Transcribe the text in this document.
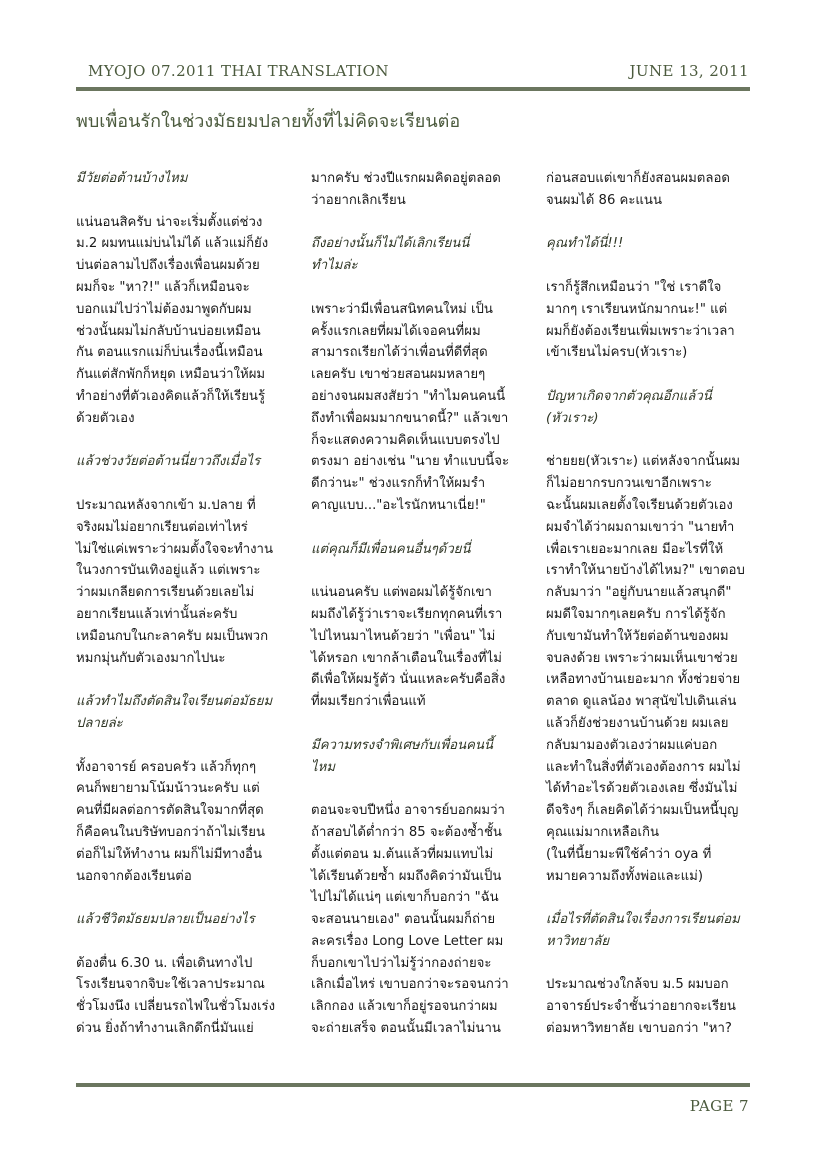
MYOJO 07.2011 THAI TRANSLATION	JUNE 13, 2011
พบเพื่อนรักในช่วงมัธยมปลายทั้งที่ไม่คิดจะเรียนต่อ

มีวัยต่อต้านบ้างไหม

แน่นอนสิครับ น่าจะเริ่มตั้งแต่ช่วง
ม.2 ผมทนแม่บ่นไม่ได้ แล้วแม่ก็ยัง
บ่นต่อลามไปถึงเรื่องเพื่อนผมด้วย
ผมก็จะ "หา?!" แล้วก็เหมือนจะ
บอกแม่ไปว่าไม่ต้องมาพูดกับผม
ช่วงนั้นผมไม่กลับบ้านบ่อยเหมือน
กัน ตอนแรกแม่ก็บ่นเรื่องนี้เหมือน
กันแต่สักพักก็หยุด เหมือนว่าให้ผม
ทำอย่างที่ตัวเองคิดแล้วก็ให้เรียนรู้
ด้วยตัวเอง

แล้วช่วงวัยต่อต้านนี่ยาวถึงเมื่อไร

ประมาณหลังจากเข้า ม.ปลาย ที่
จริงผมไม่อยากเรียนต่อเท่าไหร่
ไม่ใช่แค่เพราะว่าผมตั้งใจจะทำงาน
ในวงการบันเทิงอยู่แล้ว แต่เพราะ
ว่าผมเกลียดการเรียนด้วยเลยไม่
อยากเรียนแล้วเท่านั้นล่ะครับ
เหมือนกบในกะลาครับ ผมเป็นพวก
หมกมุ่นกับตัวเองมากไปนะ

แล้วทำไมถึงตัดสินใจเรียนต่อมัธยม
ปลายล่ะ

ทั้งอาจารย์ ครอบครัว แล้วก็ทุกๆ
คนก็พยายามโน้มน้าวนะครับ แต่
คนที่มีผลต่อการตัดสินใจมากที่สุด
ก็คือคนในบริษัทบอกว่าถ้าไม่เรียน
ต่อก็ไม่ให้ทำงาน ผมก็ไม่มีทางอื่น
นอกจากต้องเรียนต่อ

แล้วชีวิตมัธยมปลายเป็นอย่างไร

ต้องตื่น 6.30 น. เพื่อเดินทางไป
โรงเรียนจากจิบะใช้เวลาประมาณ
ชั่วโมงนึง เปลี่ยนรถไฟในชั่วโมงเร่ง
ด่วน ยิ่งถ้าทำงานเลิกดึกนี่มันแย่

มากครับ ช่วงปีแรกผมคิดอยู่ตลอด
ว่าอยากเลิกเรียน

ถึงอย่างนั้นก็ไม่ได้เลิกเรียนนี่
ทำไมล่ะ

เพราะว่ามีเพื่อนสนิทคนใหม่ เป็น
ครั้งแรกเลยที่ผมได้เจอคนที่ผม
สามารถเรียกได้ว่าเพื่อนที่ดีที่สุด
เลยครับ เขาช่วยสอนผมหลายๆ
อย่างจนผมสงสัยว่า "ทำไมคนคนนี้
ถึงทำเพื่อผมมากขนาดนี้?" แล้วเขา
ก็จะแสดงความคิดเห็นแบบตรงไป
ตรงมา อย่างเช่น "นาย ทำแบบนี้จะ
ดีกว่านะ" ช่วงแรกก็ทำให้ผมรำ
คาญแบบ..."อะไรนักหนาเนี่ย!"

แต่คุณก็มีเพื่อนคนอื่นๆด้วยนี่

แน่นอนครับ แต่พอผมได้รู้จักเขา
ผมถึงได้รู้ว่าเราจะเรียกทุกคนที่เรา
ไปไหนมาไหนด้วยว่า "เพื่อน" ไม่
ได้หรอก เขากล้าเตือนในเรื่องที่ไม่
ดีเพื่อให้ผมรู้ตัว นั่นแหละครับคือสิ่ง
ที่ผมเรียกว่าเพื่อนแท้

มีความทรงจำพิเศษกับเพื่อนคนนี้
ไหม

ตอนจะจบปีหนึ่ง อาจารย์บอกผมว่า
ถ้าสอบได้ต่ำกว่า 85 จะต้องซ้ำชั้น
ตั้งแต่ตอน ม.ต้นแล้วที่ผมแทบไม่
ได้เรียนด้วยซ้ำ ผมถึงคิดว่ามันเป็น
ไปไม่ได้แน่ๆ แต่เขาก็บอกว่า "ฉัน
จะสอนนายเอง" ตอนนั้นผมก็ถ่าย
ละครเรื่อง Long Love Letter ผม
ก็บอกเขาไปว่าไม่รู้ว่ากองถ่ายจะ
เลิกเมื่อไหร่ เขาบอกว่าจะรอจนกว่า
เลิกกอง แล้วเขาก็อยู่รอจนกว่าผม
จะถ่ายเสร็จ ตอนนั้นมีเวลาไม่นาน

ก่อนสอบแต่เขาก็ยังสอนผมตลอด
จนผมได้ 86 คะแนน

คุณทำได้นี่!!!

เราก็รู้สึกเหมือนว่า "ใช่ เราดีใจ
มากๆ เราเรียนหนักมากนะ!" แต่
ผมก็ยังต้องเรียนเพิ่มเพราะว่าเวลา
เข้าเรียนไม่ครบ(หัวเราะ)

ปัญหาเกิดจากตัวคุณอีกแล้วนี่
(หัวเราะ)

ช่ายยย(หัวเราะ) แต่หลังจากนั้นผม
ก็ไม่อยากรบกวนเขาอีกเพราะ
ฉะนั้นผมเลยตั้งใจเรียนด้วยตัวเอง
ผมจำได้ว่าผมถามเขาว่า "นายทำ
เพื่อเราเยอะมากเลย มีอะไรที่ให้
เราทำให้นายบ้างได้ไหม?" เขาตอบ
กลับมาว่า "อยู่กับนายแล้วสนุกดี"
ผมดีใจมากๆเลยครับ การได้รู้จัก
กับเขามันทำให้วัยต่อต้านของผม
จบลงด้วย เพราะว่าผมเห็นเขาช่วย
เหลือทางบ้านเยอะมาก ทั้งช่วยจ่าย
ตลาด ดูแลน้อง พาสุนัขไปเดินเล่น
แล้วก็ยังช่วยงานบ้านด้วย ผมเลย
กลับมามองตัวเองว่าผมแค่บอก
และทำในสิ่งที่ตัวเองต้องการ ผมไม่
ได้ทำอะไรด้วยตัวเองเลย ซึ่งมันไม่
ดีจริงๆ ก็เลยคิดได้ว่าผมเป็นหนี้บุญ
คุณแม่มากเหลือเกิน
(ในที่นี้ยามะพีใช้คำว่า oya ที่
หมายความถึงทั้งพ่อและแม่)

เมื่อไรที่ตัดสินใจเรื่องการเรียนต่อม
หาวิทยาลัย

ประมาณช่วงใกล้จบ ม.5 ผมบอก
อาจารย์ประจำชั้นว่าอยากจะเรียน
ต่อมหาวิทยาลัย เขาบอกว่า "หา?

PAGE 7
